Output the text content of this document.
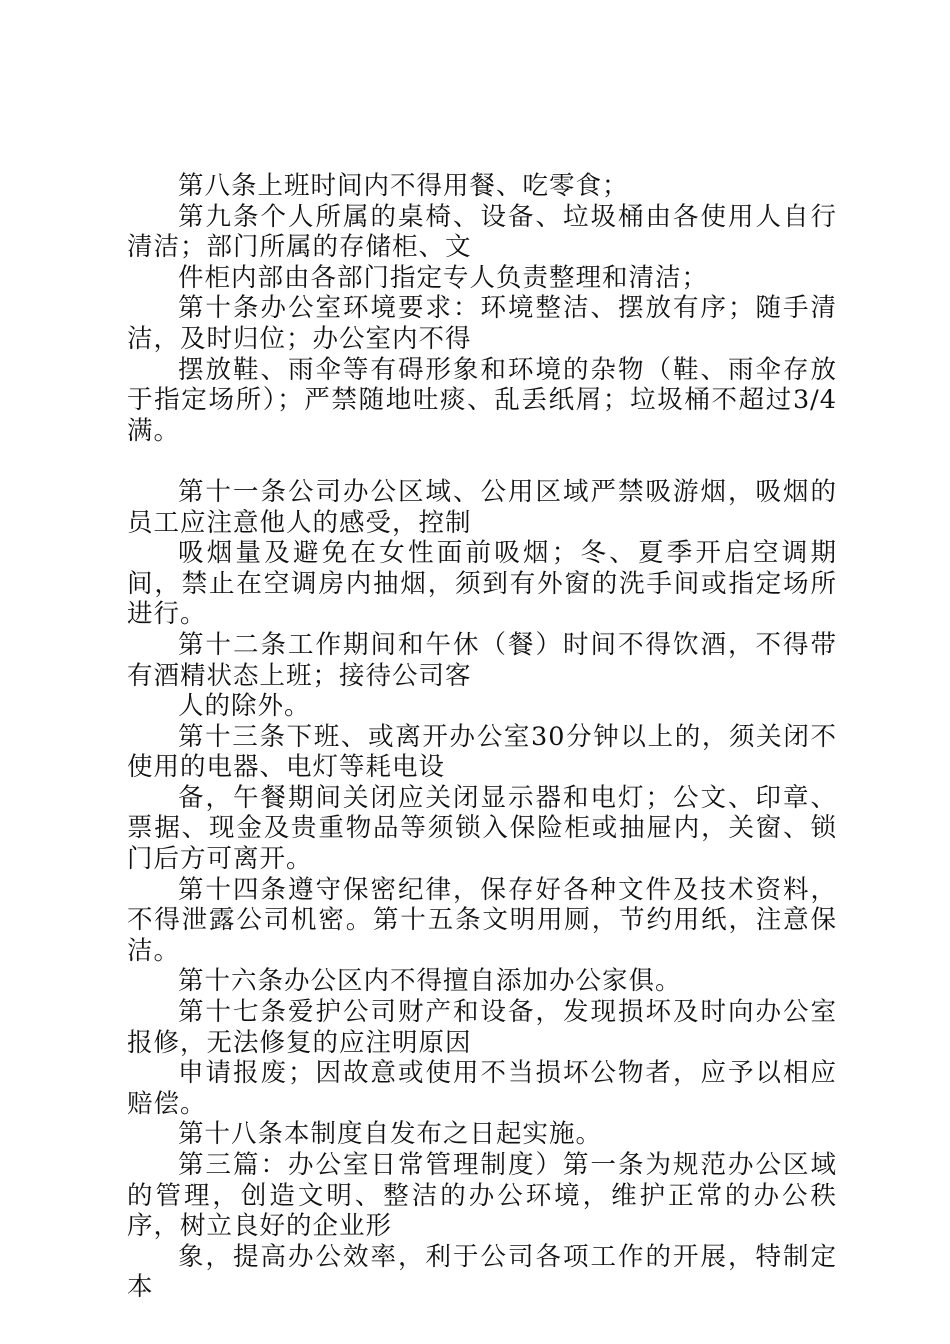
第八条上班时间内不得用餐、吃零食；

第九条个人所属的桌椅、设备、垃圾桶由各使用人自行清洁；部门所属的存储柜、文

件柜内部由各部门指定专人负责整理和清洁；

第十条办公室环境要求：环境整洁、摆放有序；随手清洁，及时归位；办公室内不得

摆放鞋、雨伞等有碍形象和环境的杂物（鞋、雨伞存放于指定场所）；严禁随地吐痰、乱丢纸屑；垃圾桶不超过3/4满。

第十一条公司办公区域、公用区域严禁吸游烟，吸烟的员工应注意他人的感受，控制

吸烟量及避免在女性面前吸烟；冬、夏季开启空调期间，禁止在空调房内抽烟，须到有外窗的洗手间或指定场所进行。

第十二条工作期间和午休（餐）时间不得饮酒，不得带有酒精状态上班；接待公司客

人的除外。

第十三条下班、或离开办公室30分钟以上的，须关闭不使用的电器、电灯等耗电设

备，午餐期间关闭应关闭显示器和电灯；公文、印章、票据、现金及贵重物品等须锁入保险柜或抽屉内，关窗、锁门后方可离开。

第十四条遵守保密纪律，保存好各种文件及技术资料，不得泄露公司机密。第十五条文明用厕，节约用纸，注意保洁。

第十六条办公区内不得擅自添加办公家俱。

第十七条爱护公司财产和设备，发现损坏及时向办公室报修，无法修复的应注明原因

申请报废；因故意或使用不当损坏公物者，应予以相应赔偿。

第十八条本制度自发布之日起实施。

第三篇：办公室日常管理制度）第一条为规范办公区域的管理，创造文明、整洁的办公环境，维护正常的办公秩序，树立良好的企业形

象，提高办公效率，利于公司各项工作的开展，特制定本
